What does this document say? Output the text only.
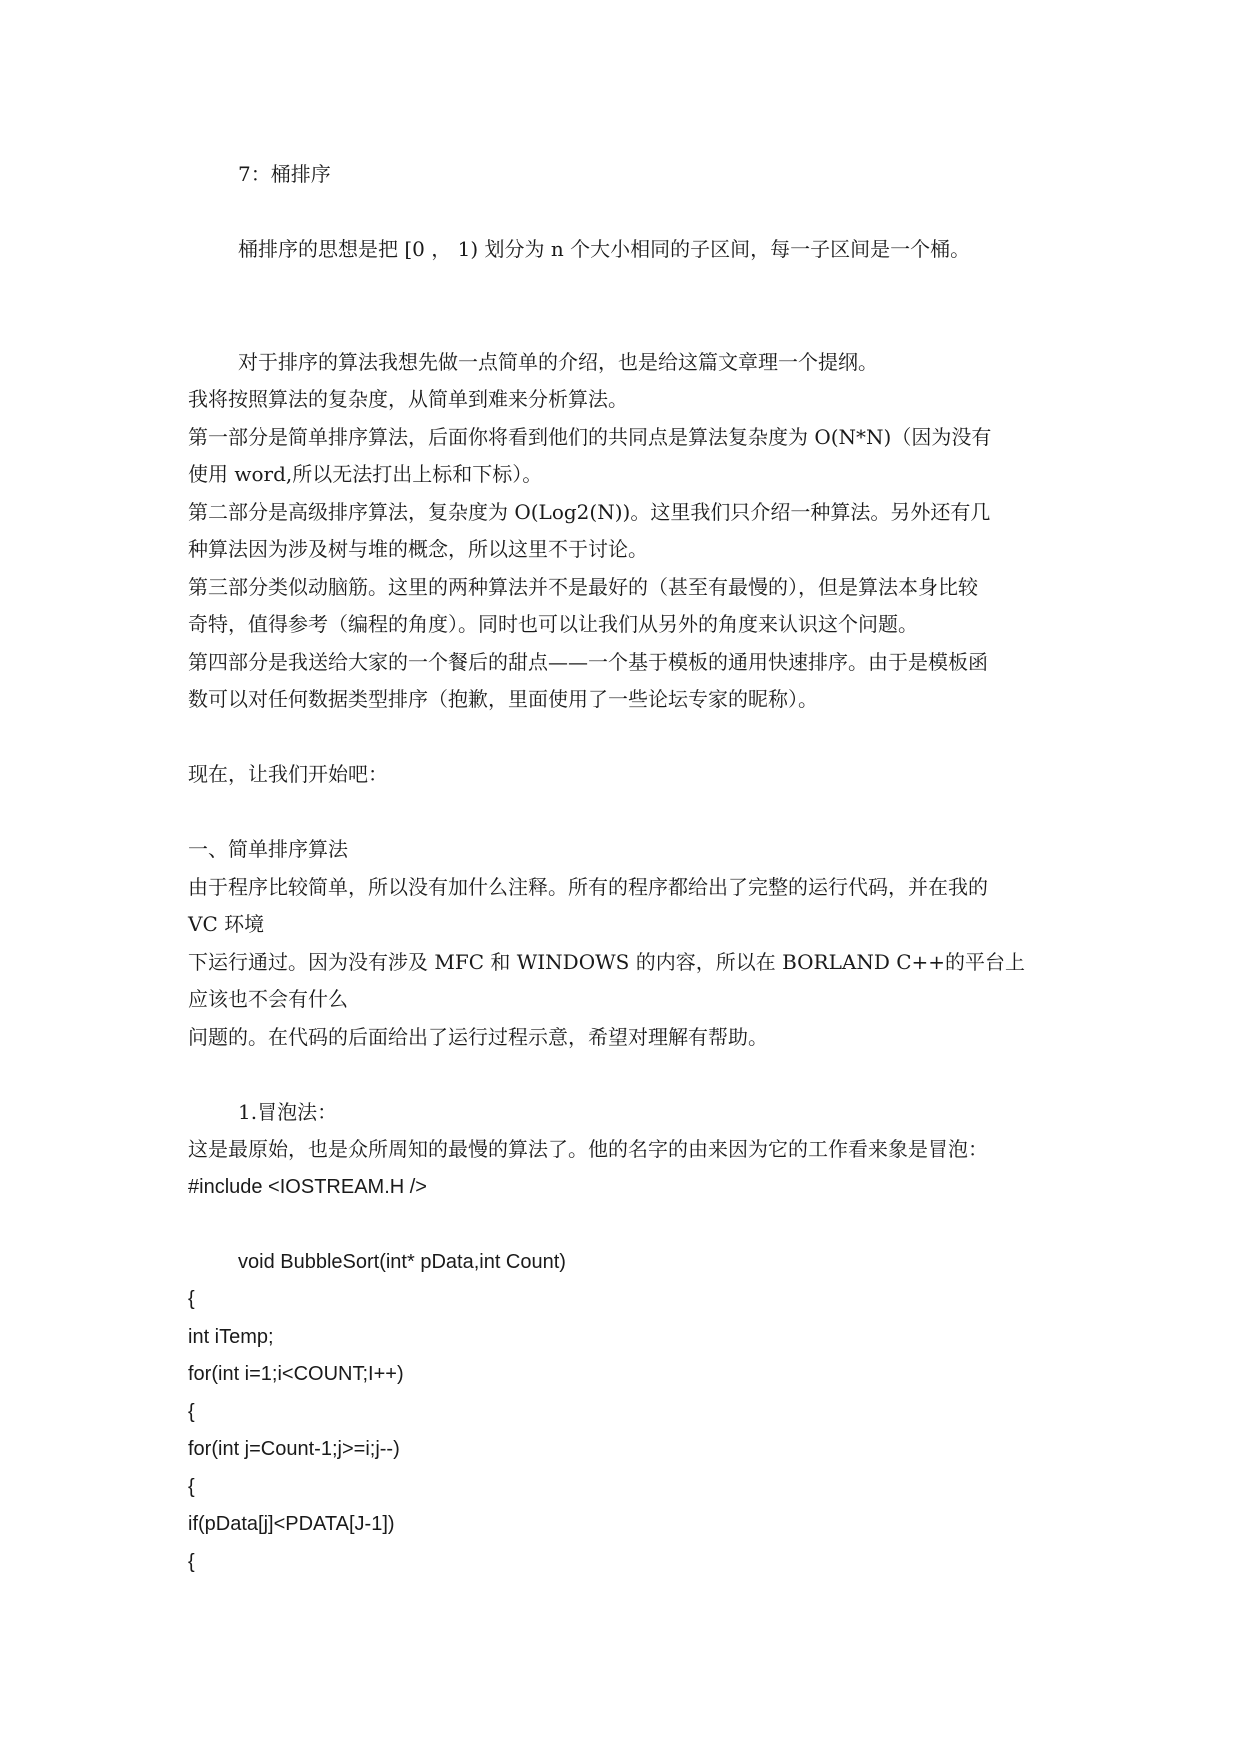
7：桶排序

桶排序的思想是把 [0 ， 1) 划分为 n 个大小相同的子区间，每一子区间是一个桶。

对于排序的算法我想先做一点简单的介绍，也是给这篇文章理一个提纲。

我将按照算法的复杂度，从简单到难来分析算法。

第一部分是简单排序算法，后面你将看到他们的共同点是算法复杂度为 O(N*N)（因为没有

使用 word,所以无法打出上标和下标）。

第二部分是高级排序算法，复杂度为 O(Log2(N))。这里我们只介绍一种算法。另外还有几

种算法因为涉及树与堆的概念，所以这里不于讨论。

第三部分类似动脑筋。这里的两种算法并不是最好的（甚至有最慢的），但是算法本身比较

奇特，值得参考（编程的角度）。同时也可以让我们从另外的角度来认识这个问题。

第四部分是我送给大家的一个餐后的甜点——一个基于模板的通用快速排序。由于是模板函

数可以对任何数据类型排序（抱歉，里面使用了一些论坛专家的昵称）。

现在，让我们开始吧：

一、简单排序算法

由于程序比较简单，所以没有加什么注释。所有的程序都给出了完整的运行代码，并在我的

VC 环境

下运行通过。因为没有涉及 MFC 和 WINDOWS 的内容，所以在 BORLAND C++的平台上

应该也不会有什么

问题的。在代码的后面给出了运行过程示意，希望对理解有帮助。

1.冒泡法：

这是最原始，也是众所周知的最慢的算法了。他的名字的由来因为它的工作看来象是冒泡：

#include <IOSTREAM.H />

void BubbleSort(int* pData,int Count)

{

int iTemp;

for(int i=1;i<COUNT;I++)

{

for(int j=Count-1;j>=i;j--)

{

if(pData[j]<PDATA[J-1])

{
